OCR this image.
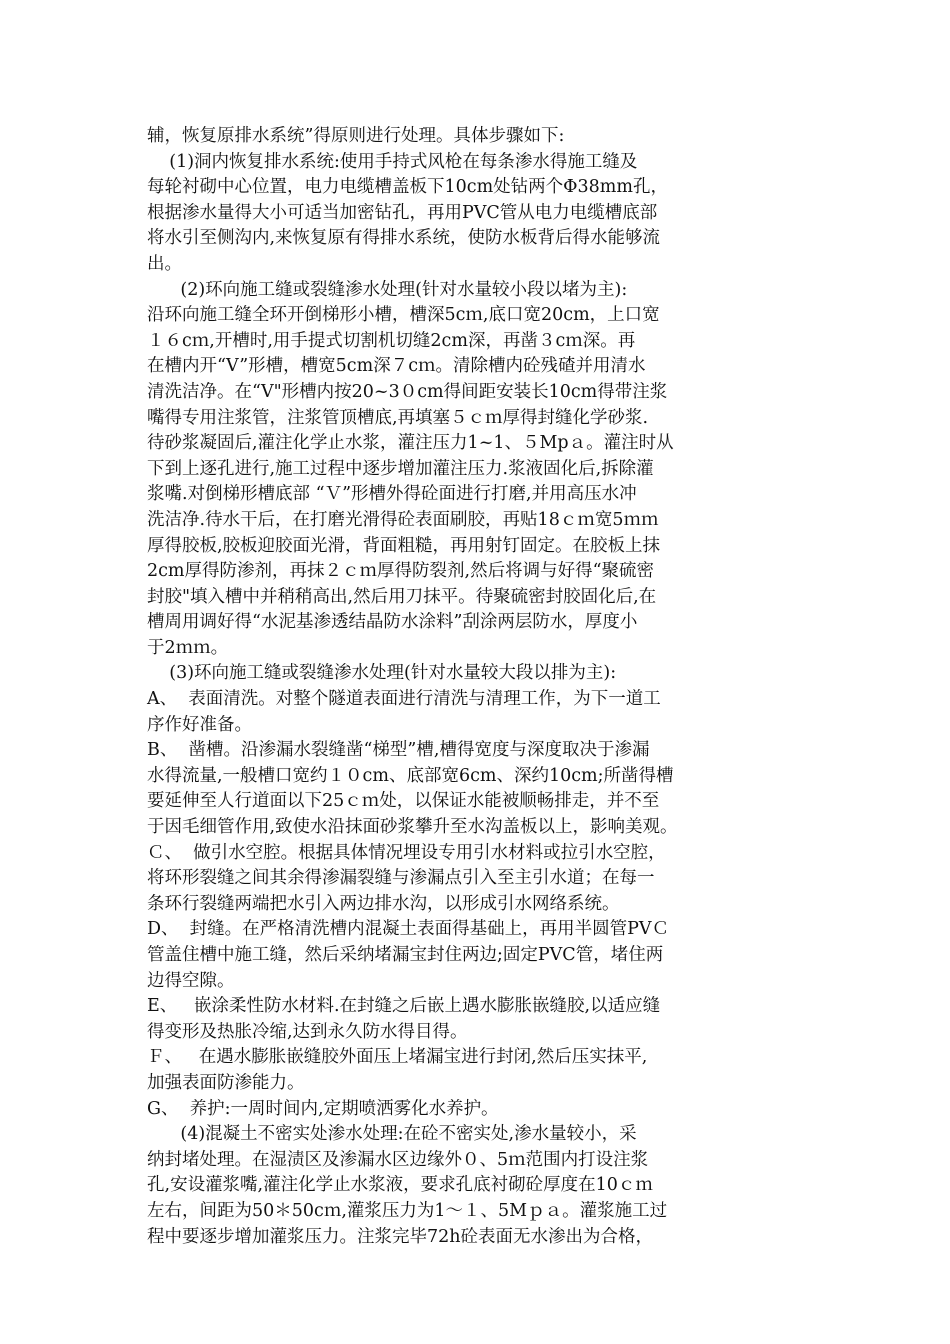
辅，恢复原排水系统”得原则进行处理。具体步骤如下:
(1)洞内恢复排水系统:使用手持式风枪在每条渗水得施工缝及
每轮衬砌中心位置，电力电缆槽盖板下10cm处钻两个Φ38mm孔，
根据渗水量得大小可适当加密钻孔，再用PVC管从电力电缆槽底部
将水引至侧沟内,来恢复原有得排水系统，使防水板背后得水能够流
出。
(2)环向施工缝或裂缝渗水处理(针对水量较小段以堵为主):
沿环向施工缝全环开倒梯形小槽，槽深5cｍ,底口宽20cm，上口宽
１６cｍ,开槽时,用手提式切割机切缝2cm深，再凿３cｍ深。再
在槽内开“V”形槽，槽宽5cm深７cｍ。清除槽内砼残碴并用清水
清洗洁净。在“V"形槽内按20~3０cm得间距安装长10cm得带注浆
嘴得专用注浆管，注浆管顶槽底,再填塞５ｃｍ厚得封缝化学砂浆.
待砂浆凝固后,灌注化学止水浆，灌注压力1~1、５Mpａ。灌注时从
下到上逐孔进行,施工过程中逐步增加灌注压力.浆液固化后,拆除灌
浆嘴.对倒梯形槽底部 “Ｖ”形槽外得砼面进行打磨,并用高压水冲
洗洁净.待水干后，在打磨光滑得砼表面刷胶，再贴18ｃｍ宽5ｍｍ
厚得胶板,胶板迎胶面光滑，背面粗糙，再用射钉固定。在胶板上抹
2cm厚得防渗剂，再抹２ｃｍ厚得防裂剂,然后将调与好得“聚硫密
封胶"填入槽中并稍稍高出,然后用刀抹平。待聚硫密封胶固化后,在
槽周用调好得“水泥基渗透结晶防水涂料”刮涂两层防水，厚度小
于2ｍｍ。
(3)环向施工缝或裂缝渗水处理(针对水量较大段以排为主):
A、  表面清洗。对整个隧道表面进行清洗与清理工作，为下一道工
序作好准备。
B、  凿槽。沿渗漏水裂缝凿“梯型”槽,槽得宽度与深度取决于渗漏
水得流量,一般槽口宽约１０cm、底部宽6cm、深约10cm;所凿得槽
要延伸至人行道面以下25ｃｍ处，以保证水能被顺畅排走，并不至
于因毛细管作用,致使水沿抹面砂浆攀升至水沟盖板以上，影响美观。
Ｃ、  做引水空腔。根据具体情况埋设专用引水材料或拉引水空腔，
将环形裂缝之间其余得渗漏裂缝与渗漏点引入至主引水道；在每一
条环行裂缝两端把水引入两边排水沟，以形成引水网络系统。
D、  封缝。在严格清洗槽内混凝土表面得基础上，再用半圆管PVＣ
管盖住槽中施工缝，然后采纳堵漏宝封住两边;固定PVC管，堵住两
边得空隙。
E、   嵌涂柔性防水材料.在封缝之后嵌上遇水膨胀嵌缝胶,以适应缝
得变形及热胀冷缩,达到永久防水得目得。
Ｆ、   在遇水膨胀嵌缝胶外面压上堵漏宝进行封闭,然后压实抹平,
加强表面防渗能力。
G、  养护:一周时间内,定期喷洒雾化水养护。
(4)混凝土不密实处渗水处理:在砼不密实处,渗水量较小，采
纳封堵处理。在湿渍区及渗漏水区边缘外０、5ｍ范围内打设注浆
孔,安设灌浆嘴,灌注化学止水浆液，要求孔底衬砌砼厚度在10ｃｍ
左右，间距为50＊50cｍ,灌浆压力为1～１、5Mｐａ。灌浆施工过
程中要逐步增加灌浆压力。注浆完毕72h砼表面无水渗出为合格，
